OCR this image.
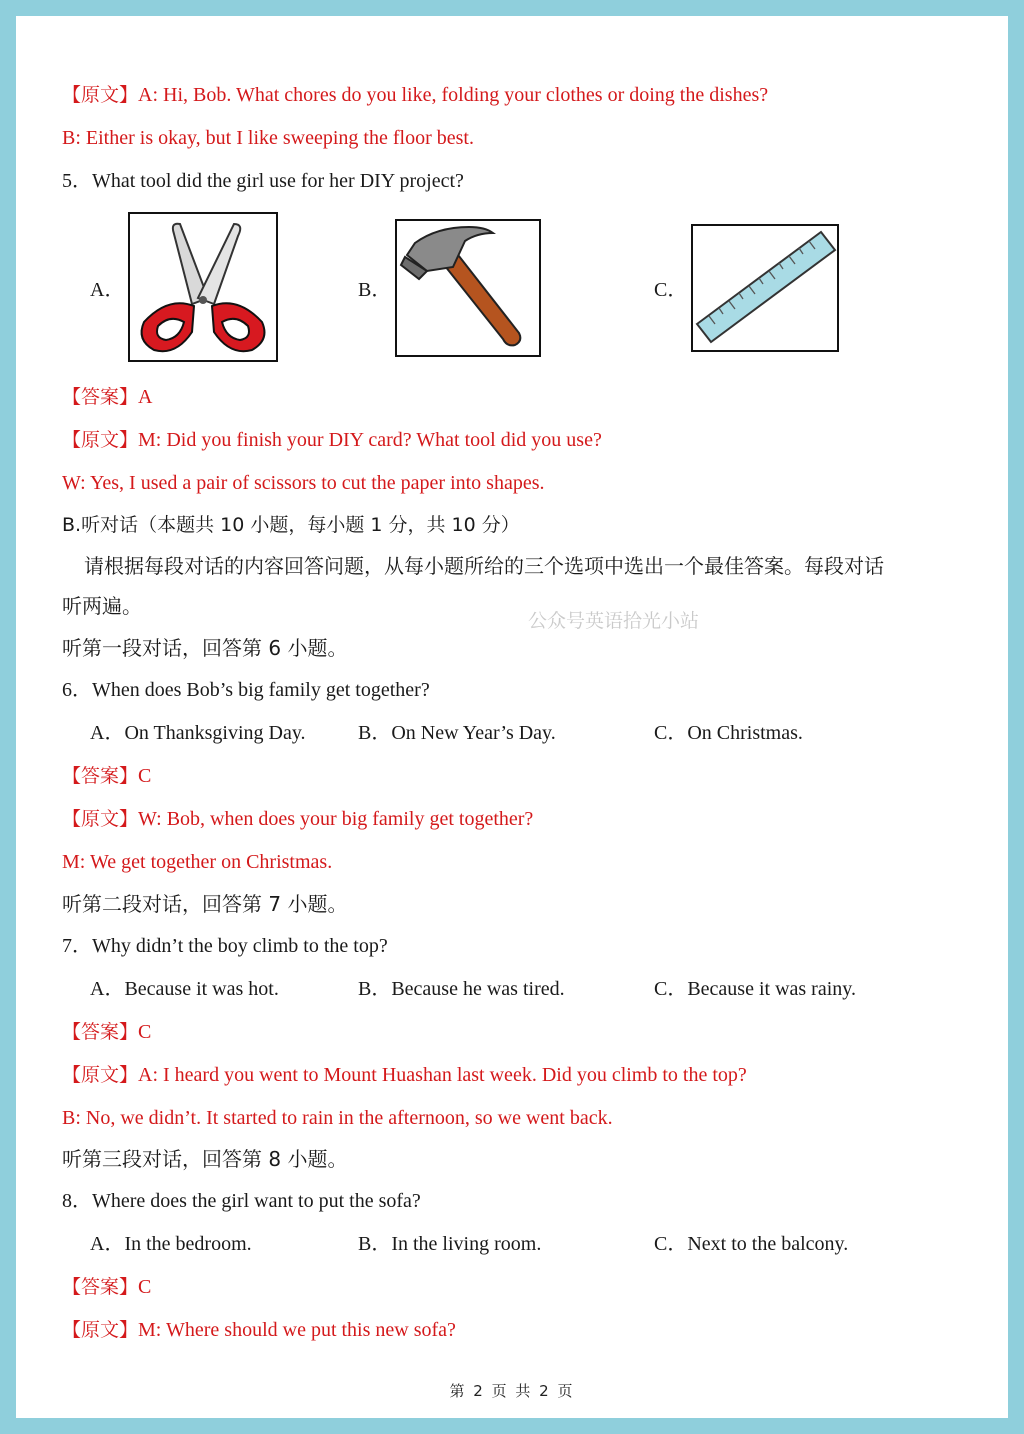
【原文】A: Hi, Bob. What chores do you like, folding your clothes or doing the dishes?
B: Either is okay, but I like sweeping the floor best.
5．What tool did the girl use for her DIY project?
A．	B．	C．
【答案】A
【原文】M: Did you finish your DIY card? What tool did you use?
W: Yes, I used a pair of scissors to cut the paper into shapes.
B.听对话（本题共 10 小题，每小题 1 分，共 10 分）
请根据每段对话的内容回答问题，从每小题所给的三个选项中选出一个最佳答案。每段对话
听两遍。
公众号英语拾光小站
听第一段对话，回答第 6 小题。
6．When does Bob’s big family get together?
A．On Thanksgiving Day.	B．On New Year’s Day.	C．On Christmas.
【答案】C
【原文】W: Bob, when does your big family get together?
M: We get together on Christmas.
听第二段对话，回答第 7 小题。
7．Why didn’t the boy climb to the top?
A．Because it was hot.	B．Because he was tired.	C．Because it was rainy.
【答案】C
【原文】A: I heard you went to Mount Huashan last week. Did you climb to the top?
B: No, we didn’t. It started to rain in the afternoon, so we went back.
听第三段对话，回答第 8 小题。
8．Where does the girl want to put the sofa?
A．In the bedroom.	B．In the living room.	C．Next to the balcony.
【答案】C
【原文】M: Where should we put this new sofa?
第 2 页 共 2 页
